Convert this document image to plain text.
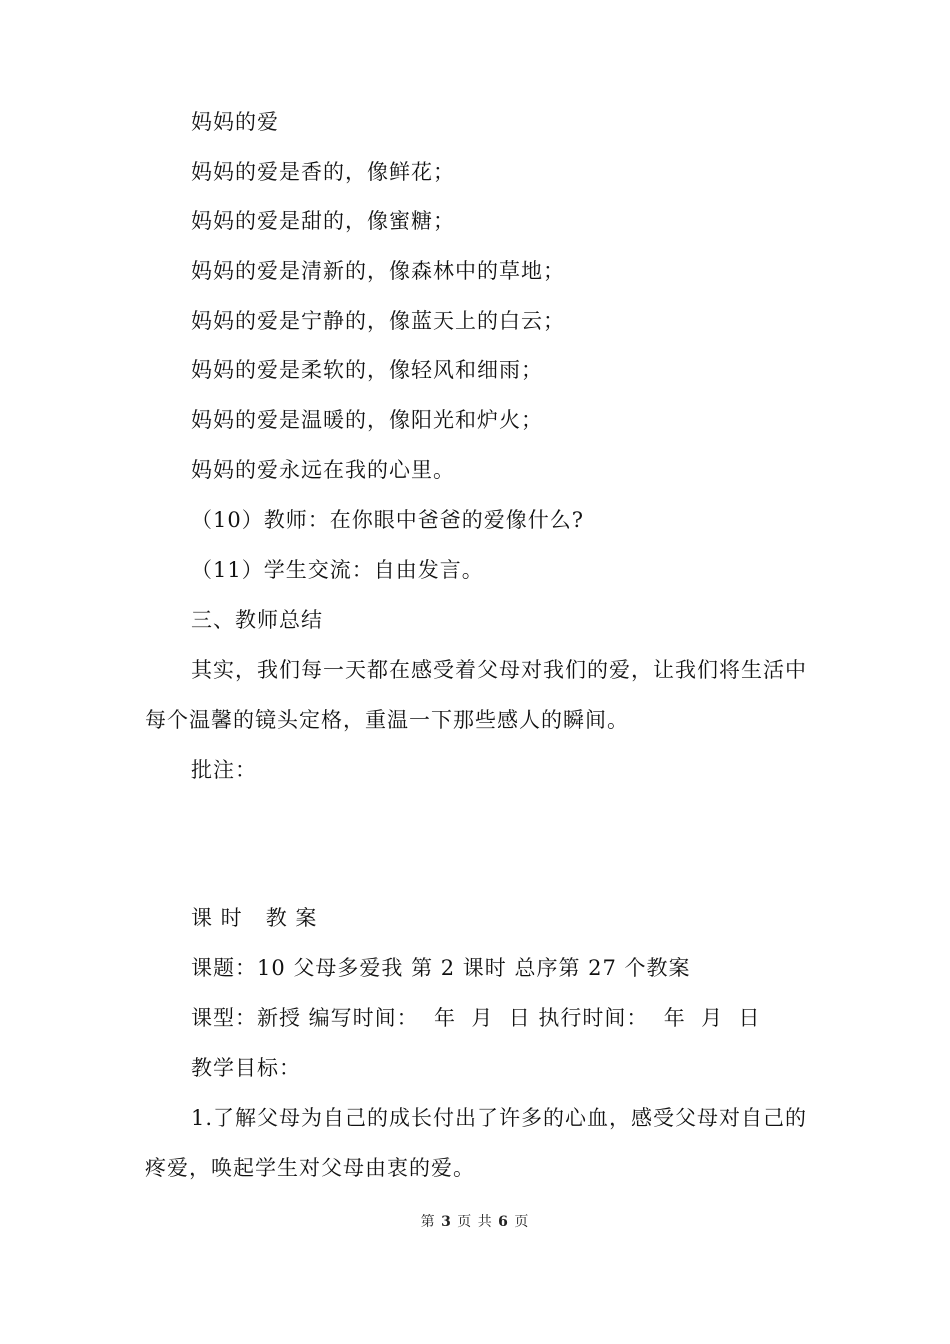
妈妈的爱
妈妈的爱是香的，像鲜花；
妈妈的爱是甜的，像蜜糖；
妈妈的爱是清新的，像森林中的草地；
妈妈的爱是宁静的，像蓝天上的白云；
妈妈的爱是柔软的，像轻风和细雨；
妈妈的爱是温暖的，像阳光和炉火；
妈妈的爱永远在我的心里。
（10）教师：在你眼中爸爸的爱像什么?
（11）学生交流：自由发言。
三、教师总结
其实，我们每一天都在感受着父母对我们的爱，让我们将生活中
每个温馨的镜头定格，重温一下那些感人的瞬间。
批注：
课 时   教 案
课题：10 父母多爱我 第 2 课时 总序第 27 个教案
课型：新授 编写时间：  年  月  日 执行时间：  年  月  日
教学目标：
1.了解父母为自己的成长付出了许多的心血，感受父母对自己的
疼爱，唤起学生对父母由衷的爱。
第 3 页 共 6 页
